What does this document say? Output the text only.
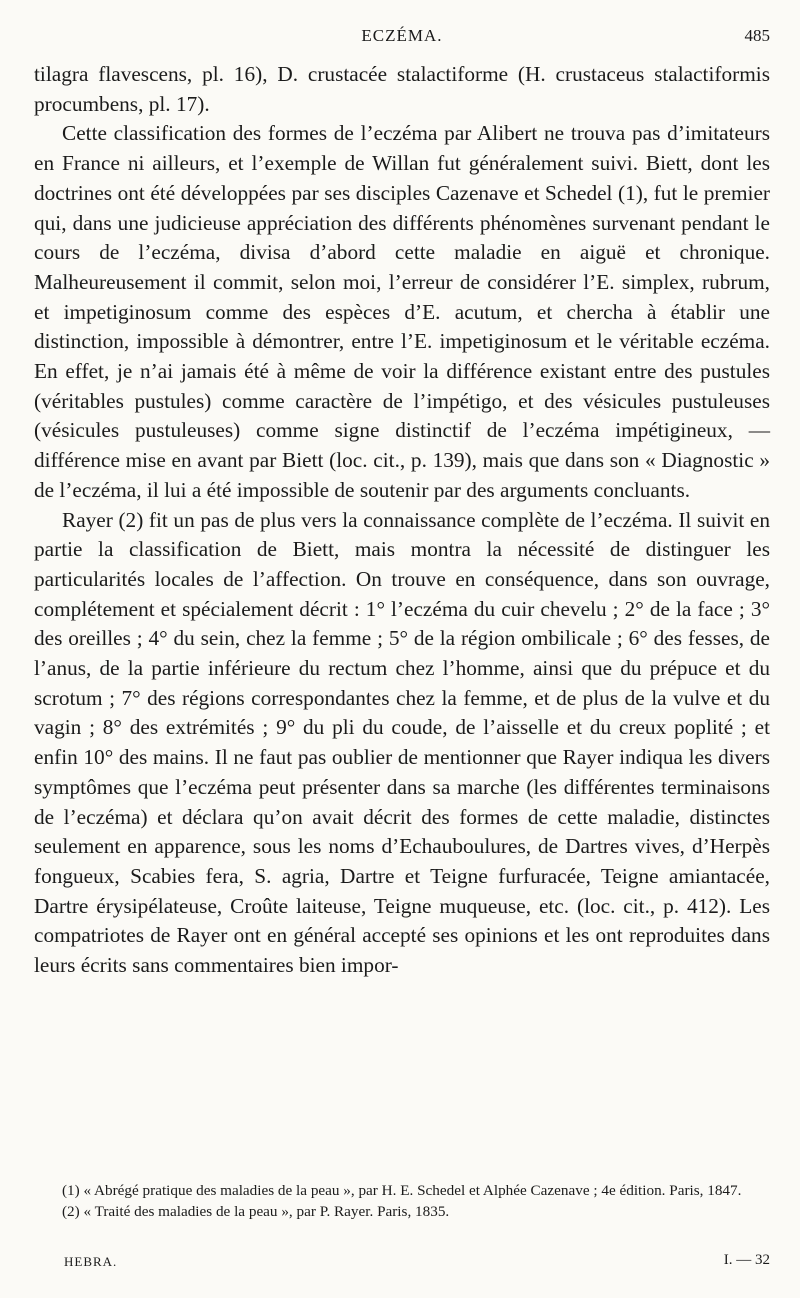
ECZÉMA.	485

tilagra flavescens, pl. 16), D. crustacée stalactiforme (H. crustaceus stalactiformis procumbens, pl. 17).

Cette classification des formes de l’eczéma par Alibert ne trouva pas d’imitateurs en France ni ailleurs, et l’exemple de Willan fut généralement suivi. Biett, dont les doctrines ont été développées par ses disciples Cazenave et Schedel (1), fut le premier qui, dans une judicieuse appréciation des différents phénomènes survenant pendant le cours de l’eczéma, divisa d’abord cette maladie en aiguë et chronique. Malheureusement il commit, selon moi, l’erreur de considérer l’E. simplex, rubrum, et impetiginosum comme des espèces d’E. acutum, et chercha à établir une distinction, impossible à démontrer, entre l’E. impetiginosum et le véritable eczéma. En effet, je n’ai jamais été à même de voir la différence existant entre des pustules (véritables pustules) comme caractère de l’impétigo, et des vésicules pustuleuses (vésicules pustuleuses) comme signe distinctif de l’eczéma impétigineux, — différence mise en avant par Biett (loc. cit., p. 139), mais que dans son « Diagnostic » de l’eczéma, il lui a été impossible de soutenir par des arguments concluants.

Rayer (2) fit un pas de plus vers la connaissance complète de l’eczéma. Il suivit en partie la classification de Biett, mais montra la nécessité de distinguer les particularités locales de l’affection. On trouve en conséquence, dans son ouvrage, complétement et spécialement décrit : 1° l’eczéma du cuir chevelu ; 2° de la face ; 3° des oreilles ; 4° du sein, chez la femme ; 5° de la région ombilicale ; 6° des fesses, de l’anus, de la partie inférieure du rectum chez l’homme, ainsi que du prépuce et du scrotum ; 7° des régions correspondantes chez la femme, et de plus de la vulve et du vagin ; 8° des extrémités ; 9° du pli du coude, de l’aisselle et du creux poplité ; et enfin 10° des mains. Il ne faut pas oublier de mentionner que Rayer indiqua les divers symptômes que l’eczéma peut présenter dans sa marche (les différentes terminaisons de l’eczéma) et déclara qu’on avait décrit des formes de cette maladie, distinctes seulement en apparence, sous les noms d’Echauboulures, de Dartres vives, d’Herpès fongueux, Scabies fera, S. agria, Dartre et Teigne furfuracée, Teigne amiantacée, Dartre érysipélateuse, Croûte laiteuse, Teigne muqueuse, etc. (loc. cit., p. 412). Les compatriotes de Rayer ont en général accepté ses opinions et les ont reproduites dans leurs écrits sans commentaires bien impor-

(1) « Abrégé pratique des maladies de la peau », par H. E. Schedel et Alphée Cazenave ; 4e édition. Paris, 1847.

(2) « Traité des maladies de la peau », par P. Rayer. Paris, 1835.

HEBRA.	I. — 32
